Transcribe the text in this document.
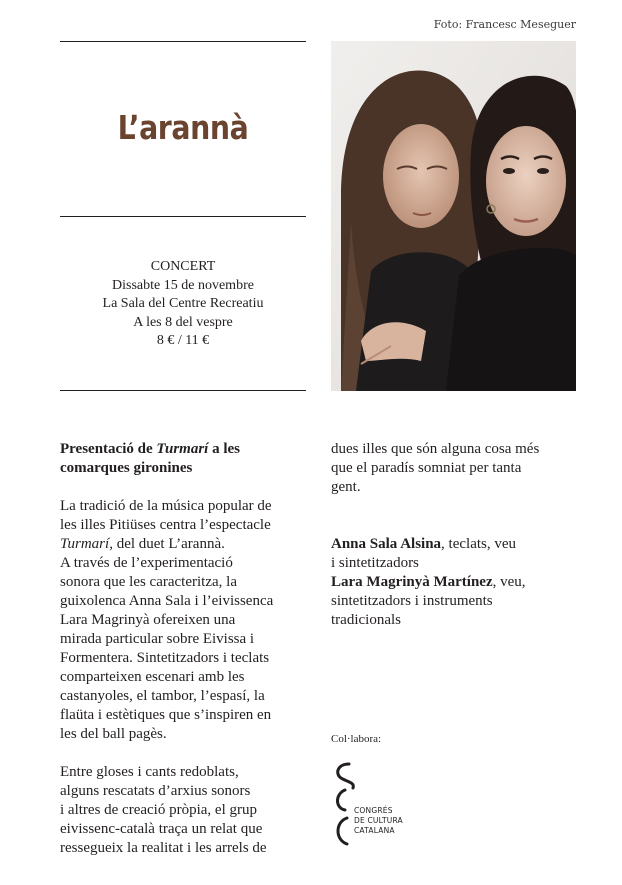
Foto: Francesc Meseguer
L’arannà
CONCERT
Dissabte 15 de novembre
La Sala del Centre Recreatiu
A les 8 del vespre
8 € / 11 €

Presentació de Turmarí a les
comarques gironines

La tradició de la música popular de
les illes Pitiüses centra l’espectacle
Turmarí, del duet L’arannà.

A través de l’experimentació
sonora que les caracteritza, la
guixolenca Anna Sala i l’eivissenca
Lara Magrinyà ofereixen una
mirada particular sobre Eivissa i
Formentera. Sintetitzadors i teclats
comparteixen escenari amb les
castanyoles, el tambor, l’espasí, la
flaüta i estètiques que s’inspiren en
les del ball pagès.

Entre gloses i cants redoblats,
alguns rescatats d’arxius sonors
i altres de creació pròpia, el grup
eivissenc-català traça un relat que
ressegueix la realitat i les arrels de

dues illes que són alguna cosa més
que el paradís somniat per tanta
gent.

Anna Sala Alsina, teclats, veu
i sintetitzadors
Lara Magrinyà Martínez, veu,
sintetitzadors i instruments
tradicionals

Col·labora:
CONGRÉS
DE CULTURA
CATALANA
